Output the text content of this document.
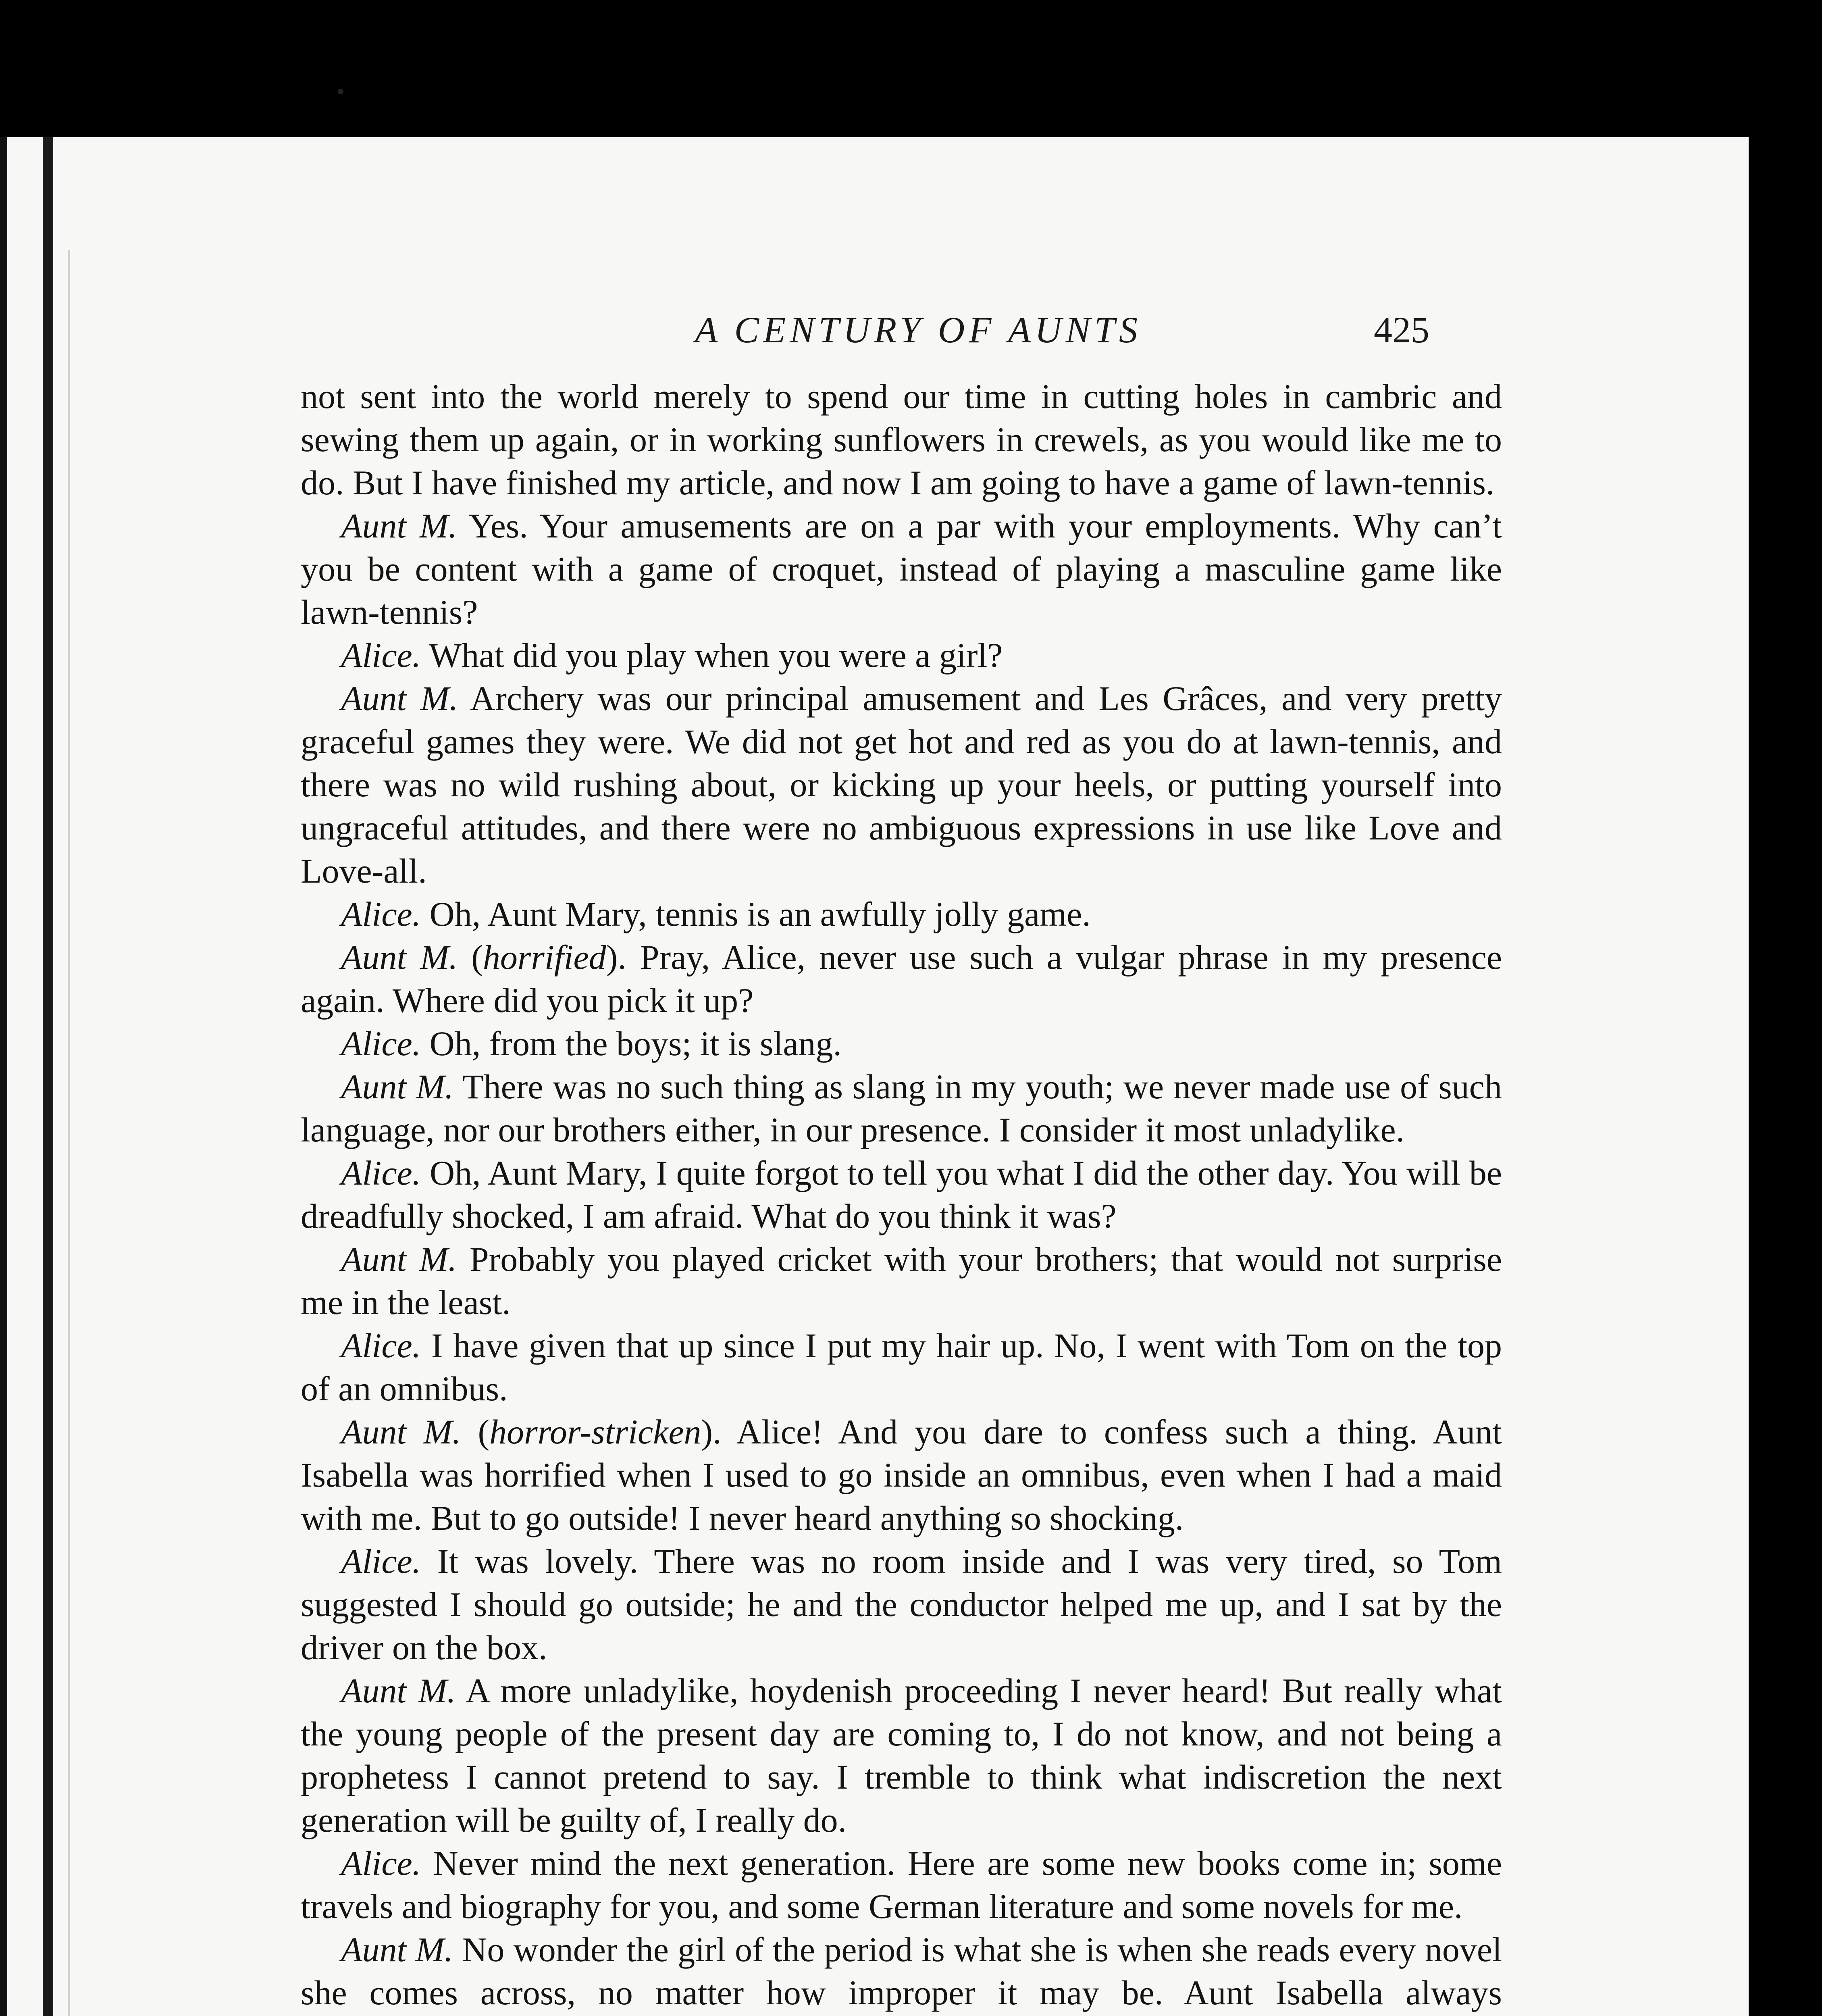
A CENTURY OF AUNTS	425

not sent into the world merely to spend our time in cutting holes in cambric and sewing them up again, or in working sunflowers in crewels, as you would like me to do. But I have finished my article, and now I am going to have a game of lawn-tennis.

Aunt M. Yes. Your amusements are on a par with your employments. Why can’t you be content with a game of croquet, instead of playing a masculine game like lawn-tennis?

Alice. What did you play when you were a girl?

Aunt M. Archery was our principal amusement and Les Grâces, and very pretty graceful games they were. We did not get hot and red as you do at lawn-tennis, and there was no wild rushing about, or kicking up your heels, or putting yourself into ungraceful attitudes, and there were no ambiguous expressions in use like Love and Love-all.

Alice. Oh, Aunt Mary, tennis is an awfully jolly game.

Aunt M. (horrified). Pray, Alice, never use such a vulgar phrase in my presence again. Where did you pick it up?

Alice. Oh, from the boys; it is slang.

Aunt M. There was no such thing as slang in my youth; we never made use of such language, nor our brothers either, in our presence. I consider it most unladylike.

Alice. Oh, Aunt Mary, I quite forgot to tell you what I did the other day. You will be dreadfully shocked, I am afraid. What do you think it was?

Aunt M. Probably you played cricket with your brothers; that would not surprise me in the least.

Alice. I have given that up since I put my hair up. No, I went with Tom on the top of an omnibus.

Aunt M. (horror-stricken). Alice! And you dare to confess such a thing. Aunt Isabella was horrified when I used to go inside an omnibus, even when I had a maid with me. But to go outside! I never heard anything so shocking.

Alice. It was lovely. There was no room inside and I was very tired, so Tom suggested I should go outside; he and the conductor helped me up, and I sat by the driver on the box.

Aunt M. A more unladylike, hoydenish proceeding I never heard! But really what the young people of the present day are coming to, I do not know, and not being a prophetess I cannot pretend to say. I tremble to think what indiscretion the next generation will be guilty of, I really do.

Alice. Never mind the next generation. Here are some new books come in; some travels and biography for you, and some German literature and some novels for me.

Aunt M. No wonder the girl of the period is what she is when she reads every novel she comes across, no matter how improper it may be. Aunt Isabella always
